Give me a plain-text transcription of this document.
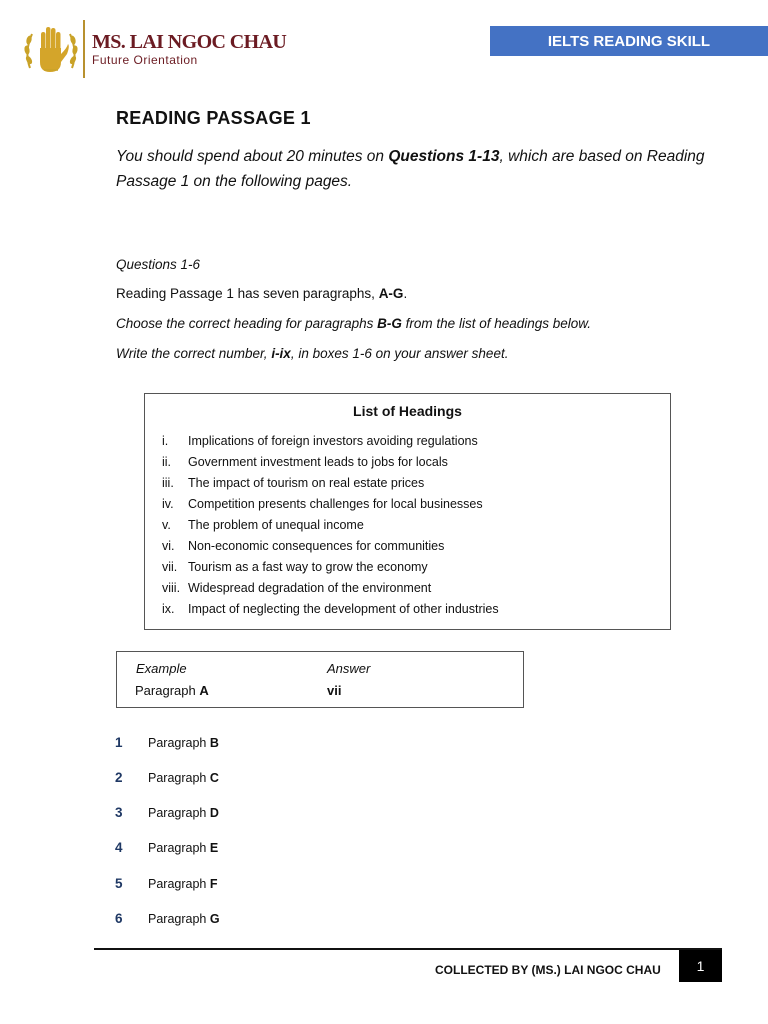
MS. LAI NGOC CHAU
Future Orientation
IELTS READING SKILL
READING PASSAGE 1
You should spend about 20 minutes on Questions 1-13, which are based on Reading
Passage 1 on the following pages.
Questions 1-6
Reading Passage 1 has seven paragraphs, A-G.
Choose the correct heading for paragraphs B-G from the list of headings below.
Write the correct number, i-ix, in boxes 1-6 on your answer sheet.
List of Headings
i.	Implications of foreign investors avoiding regulations
ii.	Government investment leads to jobs for locals
iii.	The impact of tourism on real estate prices
iv.	Competition presents challenges for local businesses
v.	The problem of unequal income
vi.	Non-economic consequences for communities
vii. Tourism as a fast way to grow the economy
viii. Widespread degradation of the environment
ix.	Impact of neglecting the development of other industries
Example	Answer
Paragraph A	vii
1 Paragraph B
2 Paragraph C
3 Paragraph D
4 Paragraph E
5 Paragraph F
6 Paragraph G
COLLECTED BY (MS.) LAI NGOC CHAU	1
